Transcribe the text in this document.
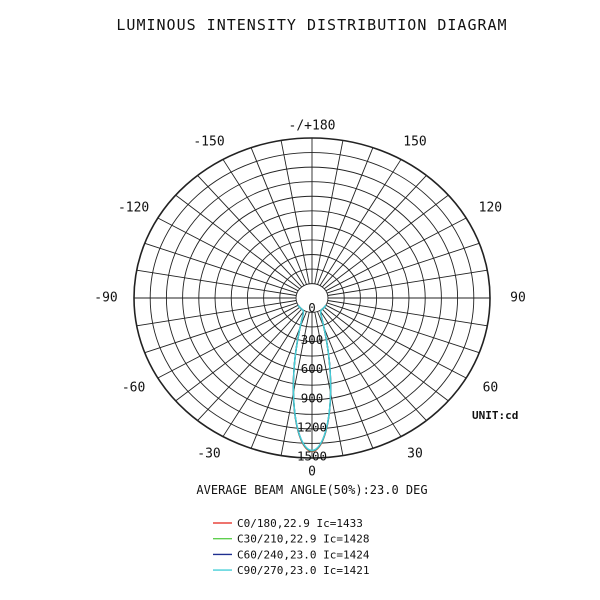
LUMINOUS INTENSITY DISTRIBUTION DIAGRAM
0
300
600
900
1200
1500
-/+180
-150	150
-120	120
-90	90
-60	60
-30	30
0
UNIT:cd
AVERAGE BEAM ANGLE(50%):23.0 DEG
C0/180,22.9 Ic=1433
C30/210,22.9 Ic=1428
C60/240,23.0 Ic=1424
C90/270,23.0 Ic=1421
